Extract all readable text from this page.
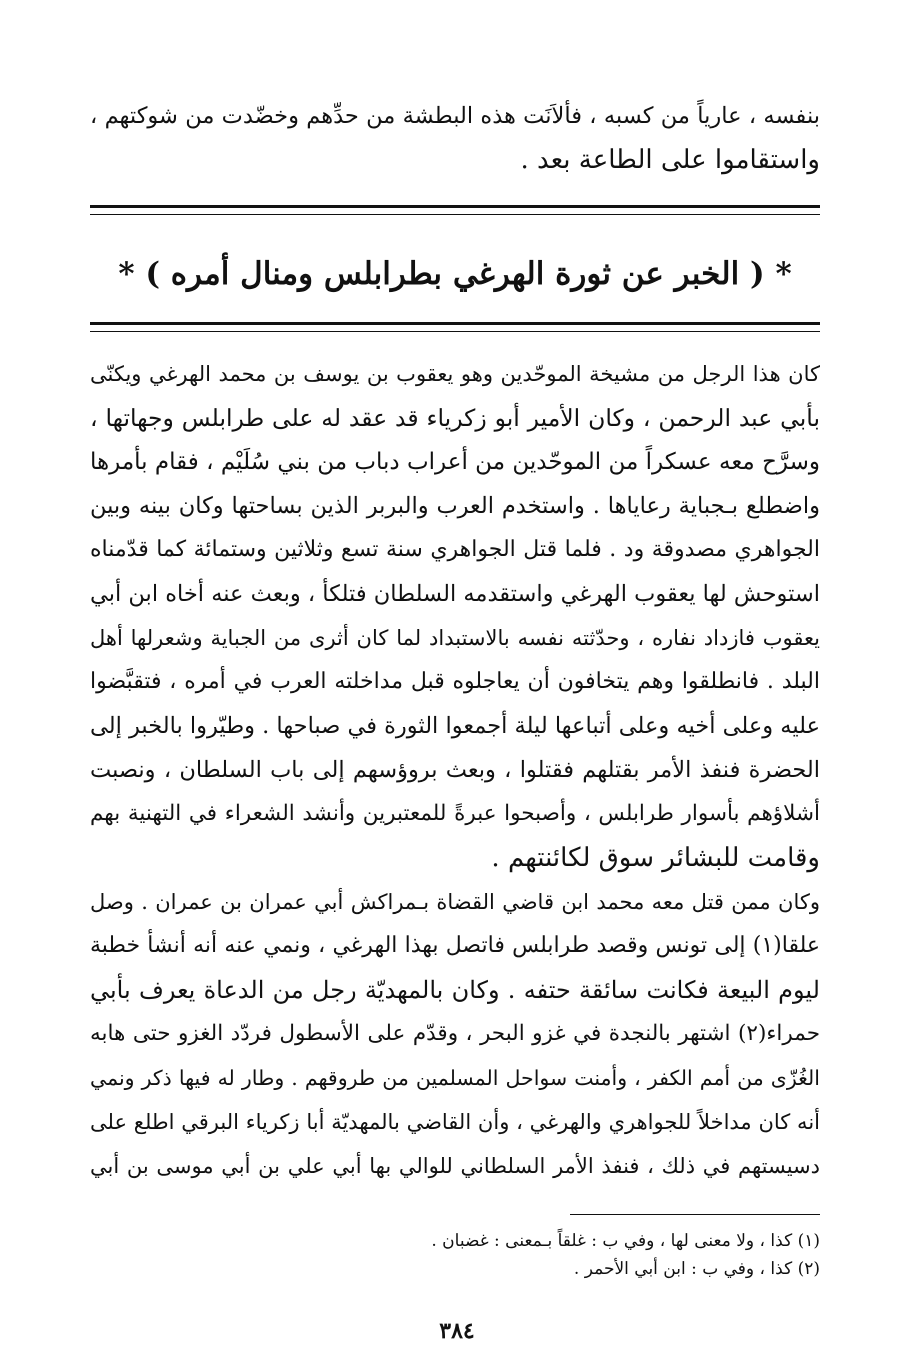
بنفسه ، عارياً من كسبه ، فألاَنَت هذه البطشة من حدِّهم وخضّدت من شوكتهم ،
واستقاموا على الطاعة بعد .
* ( الخبر عن ثورة الهرغي بطرابلس ومنال أمره ) *
كان هذا الرجل من مشيخة الموحّدين وهو يعقوب بن يوسف بن محمد الهرغي ويكنّى
بأبي عبد الرحمن ، وكان الأمير أبو زكرياء قد عقد له على طرابلس وجهاتها ،
وسرَّح معه عسكراً من الموحّدين من أعراب دباب من بني سُلَيْم ، فقام بأمرها
واضطلع بـجباية رعاياها . واستخدم العرب والبربر الذين بساحتها وكان بينه وبين
الجواهري مصدوقة ود . فلما قتل الجواهري سنة تسع وثلاثين وستمائة كما قدّمناه
استوحش لها يعقوب الهرغي واستقدمه السلطان فتلكأ ، وبعث عنه أخاه ابن أبي
يعقوب فازداد نفاره ، وحدّثته نفسه بالاستبداد لما كان أثرى من الجباية وشعرلها أهل
البلد . فانطلقوا وهم يتخافون أن يعاجلوه قبل مداخلته العرب في أمره ، فتقبَّضوا
عليه وعلى أخيه وعلى أتباعها ليلة أجمعوا الثورة في صباحها . وطيّروا بالخبر إلى
الحضرة فنفذ الأمر بقتلهم فقتلوا ، وبعث بروؤسهم إلى باب السلطان ، ونصبت
أشلاؤهم بأسوار طرابلس ، وأصبحوا عبرةً للمعتبرين وأنشد الشعراء في التهنية بهم
وقامت للبشائر سوق لكائنتهم .
وكان ممن قتل معه محمد ابن قاضي القضاة بـمراكش أبي عمران بن عمران . وصل
علقا(١) إلى تونس وقصد طرابلس فاتصل بهذا الهرغي ، ونمي عنه أنه أنشأ خطبة
ليوم البيعة فكانت سائقة حتفه . وكان بالمهديّة رجل من الدعاة يعرف بأبي
حمراء(٢) اشتهر بالنجدة في غزو البحر ، وقدّم على الأسطول فردّد الغزو حتى هابه
الغُزّى من أمم الكفر ، وأمنت سواحل المسلمين من طروقهم . وطار له فيها ذكر ونمي
أنه كان مداخلاً للجواهري والهرغي ، وأن القاضي بالمهديّة أبا زكرياء البرقي اطلع على
دسيستهم في ذلك ، فنفذ الأمر السلطاني للوالي بها أبي علي بن أبي موسى بن أبي
(١) كذا ، ولا معنى لها ، وفي ب : غلقاً بـمعنى : غضبان .
(٢) كذا ، وفي ب : ابن أبي الأحمر .
٣٨٤
